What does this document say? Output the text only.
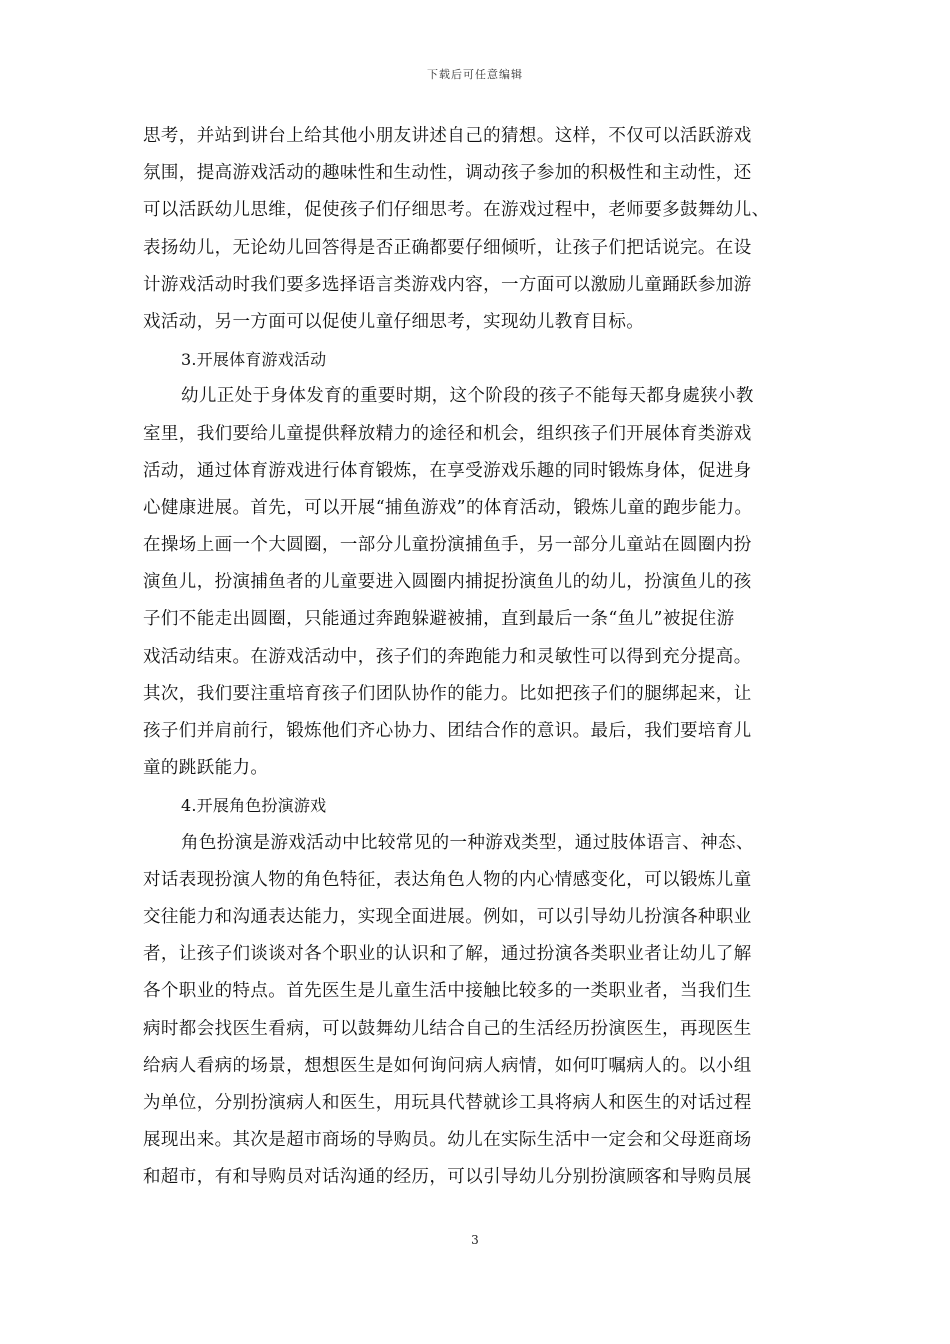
下载后可任意编辑
思考，并站到讲台上给其他小朋友讲述自己的猜想。这样，不仅可以活跃游戏
氛围，提高游戏活动的趣味性和生动性，调动孩子参加的积极性和主动性，还
可以活跃幼儿思维，促使孩子们仔细思考。在游戏过程中，老师要多鼓舞幼儿、
表扬幼儿，无论幼儿回答得是否正确都要仔细倾听，让孩子们把话说完。在设
计游戏活动时我们要多选择语言类游戏内容，一方面可以激励儿童踊跃参加游
戏活动，另一方面可以促使儿童仔细思考，实现幼儿教育目标。
3.开展体育游戏活动
幼儿正处于身体发育的重要时期，这个阶段的孩子不能每天都身處狭小教
室里，我们要给儿童提供释放精力的途径和机会，组织孩子们开展体育类游戏
活动，通过体育游戏进行体育锻炼，在享受游戏乐趣的同时锻炼身体，促进身
心健康进展。首先，可以开展“捕鱼游戏”的体育活动，锻炼儿童的跑步能力。
在操场上画一个大圆圈，一部分儿童扮演捕鱼手，另一部分儿童站在圆圈内扮
演鱼儿，扮演捕鱼者的儿童要进入圆圈内捕捉扮演鱼儿的幼儿，扮演鱼儿的孩
子们不能走出圆圈，只能通过奔跑躲避被捕，直到最后一条“鱼儿”被捉住游
戏活动结束。在游戏活动中，孩子们的奔跑能力和灵敏性可以得到充分提高。
其次，我们要注重培育孩子们团队协作的能力。比如把孩子们的腿绑起来，让
孩子们并肩前行，锻炼他们齐心协力、团结合作的意识。最后，我们要培育儿
童的跳跃能力。
4.开展角色扮演游戏
角色扮演是游戏活动中比较常见的一种游戏类型，通过肢体语言、神态、
对话表现扮演人物的角色特征，表达角色人物的内心情感变化，可以锻炼儿童
交往能力和沟通表达能力，实现全面进展。例如，可以引导幼儿扮演各种职业
者，让孩子们谈谈对各个职业的认识和了解，通过扮演各类职业者让幼儿了解
各个职业的特点。首先医生是儿童生活中接触比较多的一类职业者，当我们生
病时都会找医生看病，可以鼓舞幼儿结合自己的生活经历扮演医生，再现医生
给病人看病的场景，想想医生是如何询问病人病情，如何叮嘱病人的。以小组
为单位，分别扮演病人和医生，用玩具代替就诊工具将病人和医生的对话过程
展现出来。其次是超市商场的导购员。幼儿在实际生活中一定会和父母逛商场
和超市，有和导购员对话沟通的经历，可以引导幼儿分别扮演顾客和导购员展
3
